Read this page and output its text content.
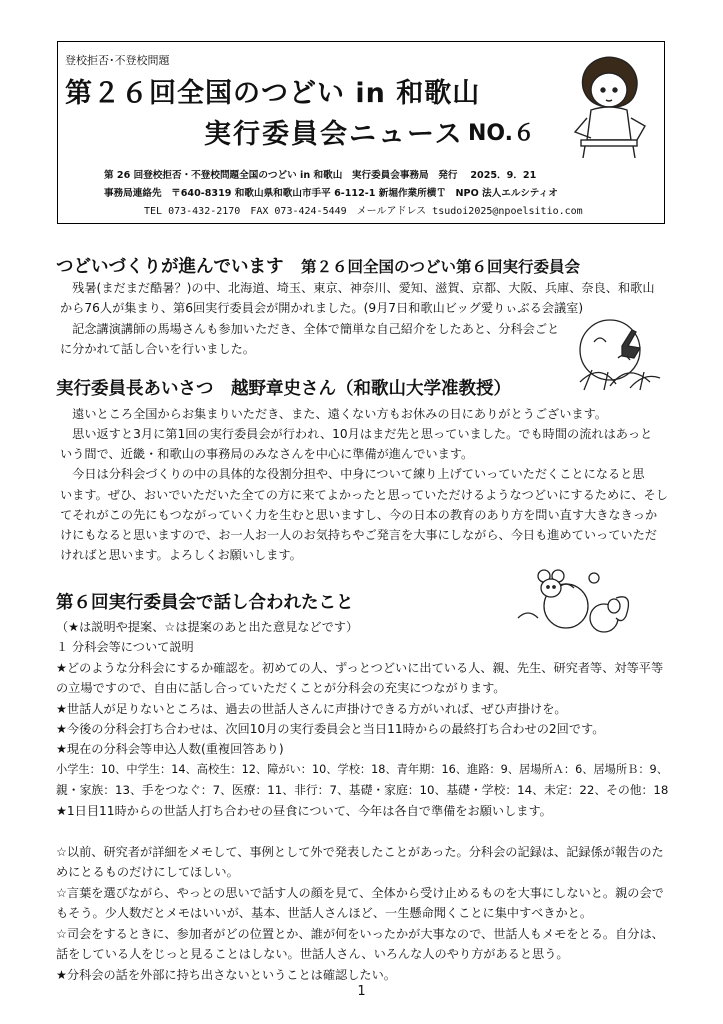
登校拒否･不登校問題
第２６回全国のつどい in 和歌山
実行委員会ニュース NO.６
第 26 回登校拒否・不登校問題全国のつどい in 和歌山　実行委員会事務局　発行　 2025．9．21
事務局連絡先　〒640-8319 和歌山県和歌山市手平 6-112-1 新堀作業所横Ｔ　NPO 法人エルシティオ
TEL 073-432-2170　FAX 073-424-5449　メールアドレス tsudoi2025@npoelsitio.com
つどいづくりが進んでいます　 第２６回全国のつどい第６回実行委員会
　残暑(まだまだ酷暑？)の中、北海道、埼玉、東京、神奈川、愛知、滋賀、京都、大阪、兵庫、奈良、和歌山
から76人が集まり、第6回実行委員会が開かれました。(9月7日和歌山ビッグ愛りぃぶる会議室)
　記念講演講師の馬場さんも参加いただき、全体で簡単な自己紹介をしたあと、分科会ごと
に分かれて話し合いを行いました。
実行委員長あいさつ　越野章史さん（和歌山大学准教授）
　遠いところ全国からお集まりいただき、また、遠くない方もお休みの日にありがとうございます。
　思い返すと3月に第1回の実行委員会が行われ、10月はまだ先と思っていました。でも時間の流れはあっと
いう間で、近畿・和歌山の事務局のみなさんを中心に準備が進んでいます。
　今日は分科会づくりの中の具体的な役割分担や、中身について練り上げていっていただくことになると思
います。ぜひ、おいでいただいた全ての方に来てよかったと思っていただけるようなつどいにするために、そし
てそれがこの先にもつながっていく力を生むと思いますし、今の日本の教育のあり方を問い直す大きなきっか
けにもなると思いますので、お一人お一人のお気持ちやご発言を大事にしながら、今日も進めていっていただ
ければと思います。よろしくお願いします。
第６回実行委員会で話し合われたこと
（★は説明や提案、☆は提案のあと出た意見などです）
１ 分科会等について説明
★どのような分科会にするか確認を。初めての人、ずっとつどいに出ている人、親、先生、研究者等、対等平等
の立場ですので、自由に話し合っていただくことが分科会の充実につながります。
★世話人が足りないところは、過去の世話人さんに声掛けできる方がいれば、ぜひ声掛けを。
★今後の分科会打ち合わせは、次回10月の実行委員会と当日11時からの最終打ち合わせの2回です。
★現在の分科会等申込人数(重複回答あり)
小学生：10、中学生：14、高校生：12、障がい：10、学校：18、青年期：16、進路：9、居場所Ａ：6、居場所Ｂ：9、
親・家族：13、手をつなぐ：7、医療：11、非行：7、基礎・家庭：10、基礎・学校：14、未定：22、その他：18
★1日目11時からの世話人打ち合わせの昼食について、今年は各自で準備をお願いします。
☆以前、研究者が詳細をメモして、事例として外で発表したことがあった。分科会の記録は、記録係が報告のた
めにとるものだけにしてほしい。
☆言葉を選びながら、やっとの思いで話す人の顔を見て、全体から受け止めるものを大事にしないと。親の会で
もそう。少人数だとメモはいいが、基本、世話人さんほど、一生懸命聞くことに集中すべきかと。
☆司会をするときに、参加者がどの位置とか、誰が何をいったかが大事なので、世話人もメモをとる。自分は、
話をしている人をじっと見ることはしない。世話人さん、いろんな人のやり方があると思う。
★分科会の話を外部に持ち出さないということは確認したい。
1
